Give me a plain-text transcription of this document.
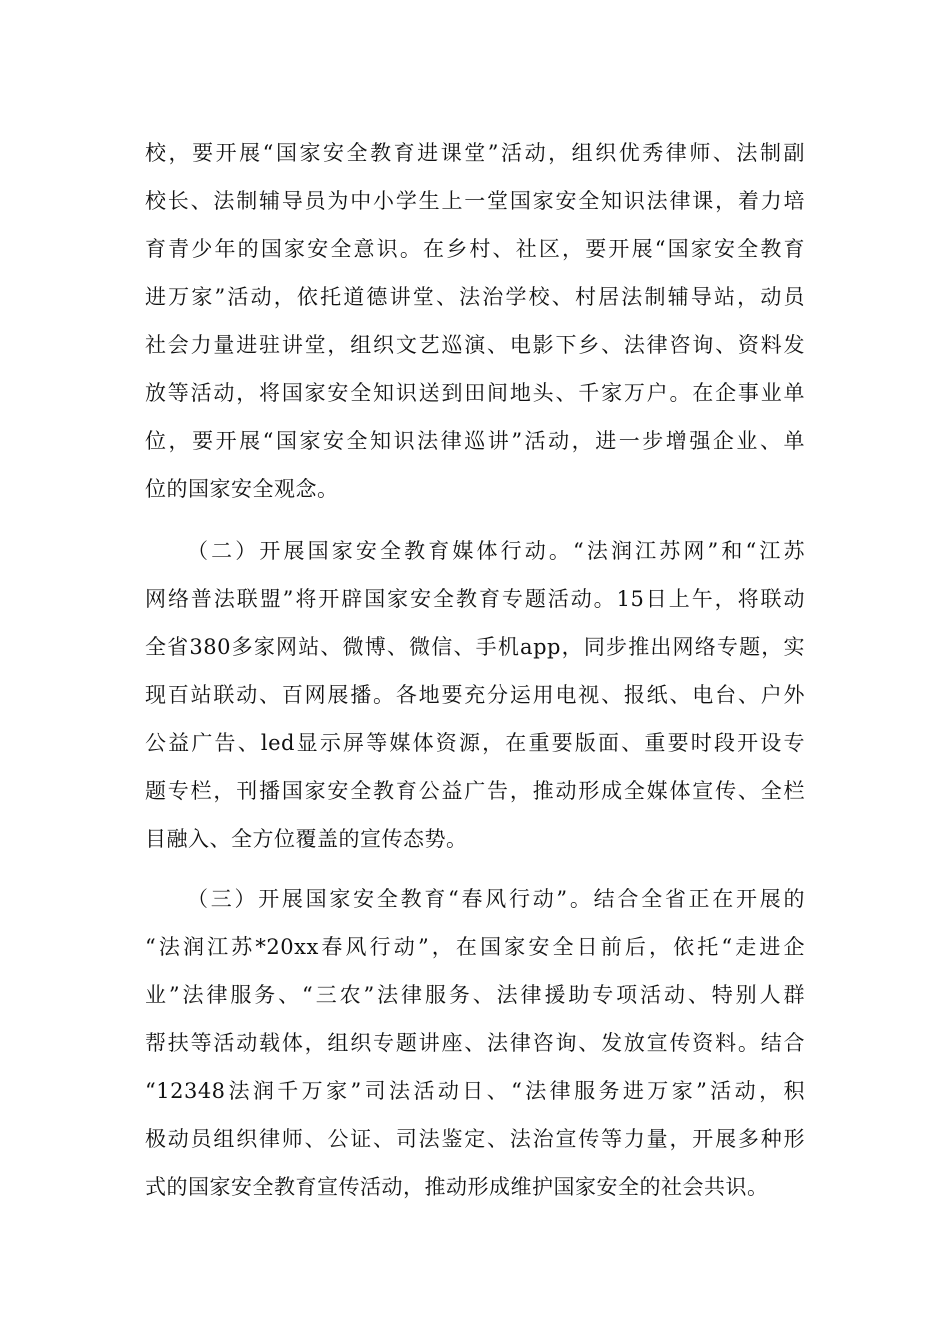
校，要开展“国家安全教育进课堂”活动，组织优秀律师、法制副
校长、法制辅导员为中小学生上一堂国家安全知识法律课，着力培
育青少年的国家安全意识。在乡村、社区，要开展“国家安全教育
进万家”活动，依托道德讲堂、法治学校、村居法制辅导站，动员
社会力量进驻讲堂，组织文艺巡演、电影下乡、法律咨询、资料发
放等活动，将国家安全知识送到田间地头、千家万户。在企事业单
位，要开展“国家安全知识法律巡讲”活动，进一步增强企业、单
位的国家安全观念。
（二）开展国家安全教育媒体行动。“法润江苏网”和“江苏
网络普法联盟”将开辟国家安全教育专题活动。15日上午，将联动
全省380多家网站、微博、微信、手机app，同步推出网络专题，实
现百站联动、百网展播。各地要充分运用电视、报纸、电台、户外
公益广告、led显示屏等媒体资源，在重要版面、重要时段开设专
题专栏，刊播国家安全教育公益广告，推动形成全媒体宣传、全栏
目融入、全方位覆盖的宣传态势。
（三）开展国家安全教育“春风行动”。结合全省正在开展的
“法润江苏*20xx春风行动”，在国家安全日前后，依托“走进企
业”法律服务、“三农”法律服务、法律援助专项活动、特别人群
帮扶等活动载体，组织专题讲座、法律咨询、发放宣传资料。结合
“12348法润千万家”司法活动日、“法律服务进万家”活动，积
极动员组织律师、公证、司法鉴定、法治宣传等力量，开展多种形
式的国家安全教育宣传活动，推动形成维护国家安全的社会共识。
